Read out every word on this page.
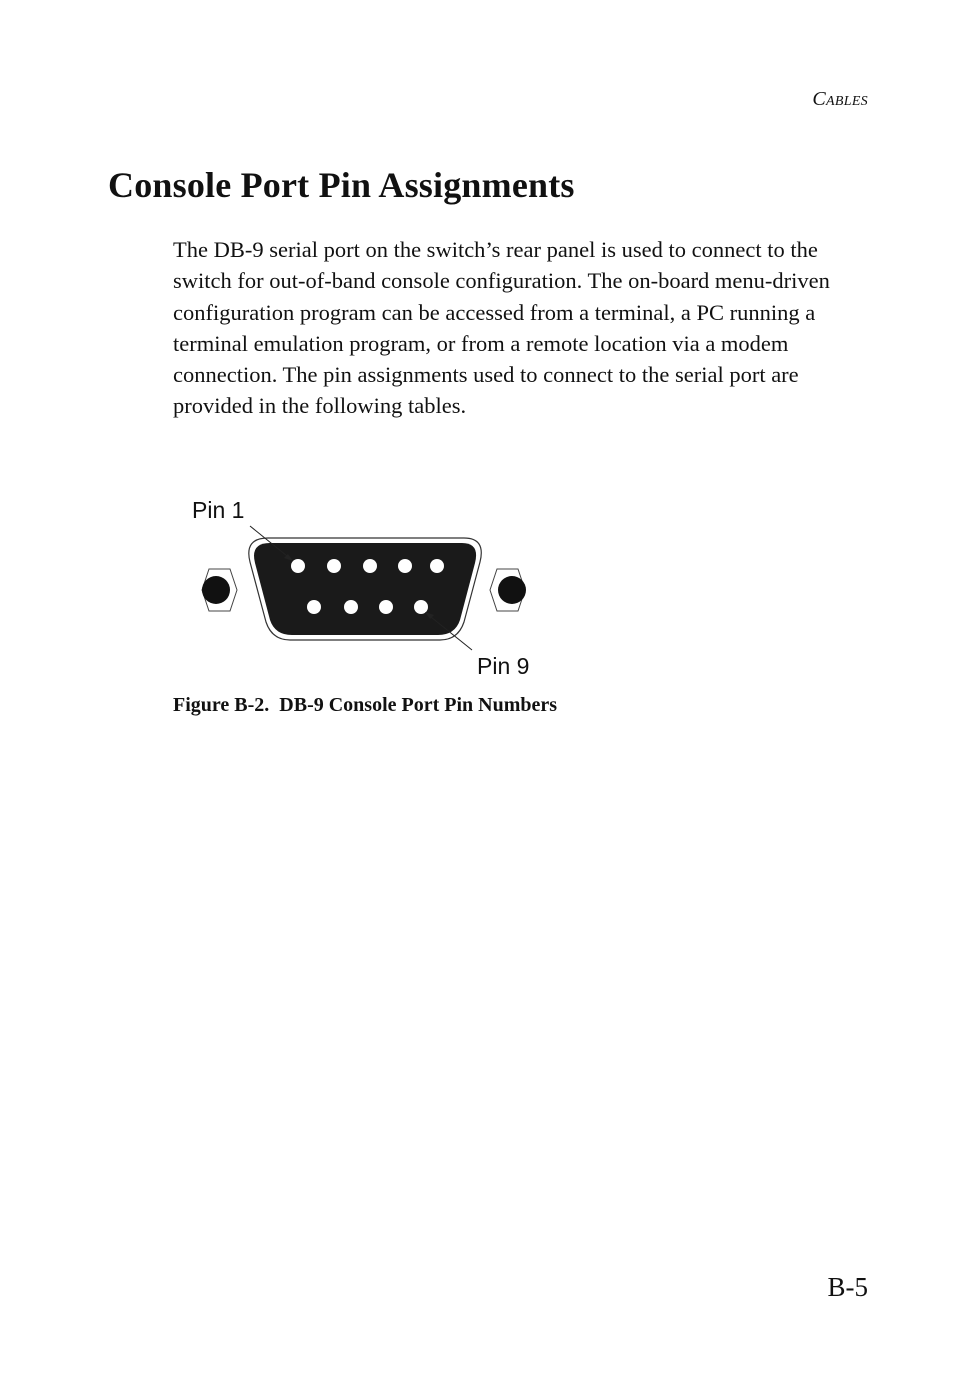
Cables
Console Port Pin Assignments

The DB-9 serial port on the switch’s rear panel is used to connect to the switch for out-of-band console configuration. The on-board menu-driven configuration program can be accessed from a terminal, a PC running a terminal emulation program, or from a remote location via a modem connection. The pin assignments used to connect to the serial port are provided in the following tables.

Pin 1
Pin 9

Figure B-2.  DB-9 Console Port Pin Numbers

B-5
